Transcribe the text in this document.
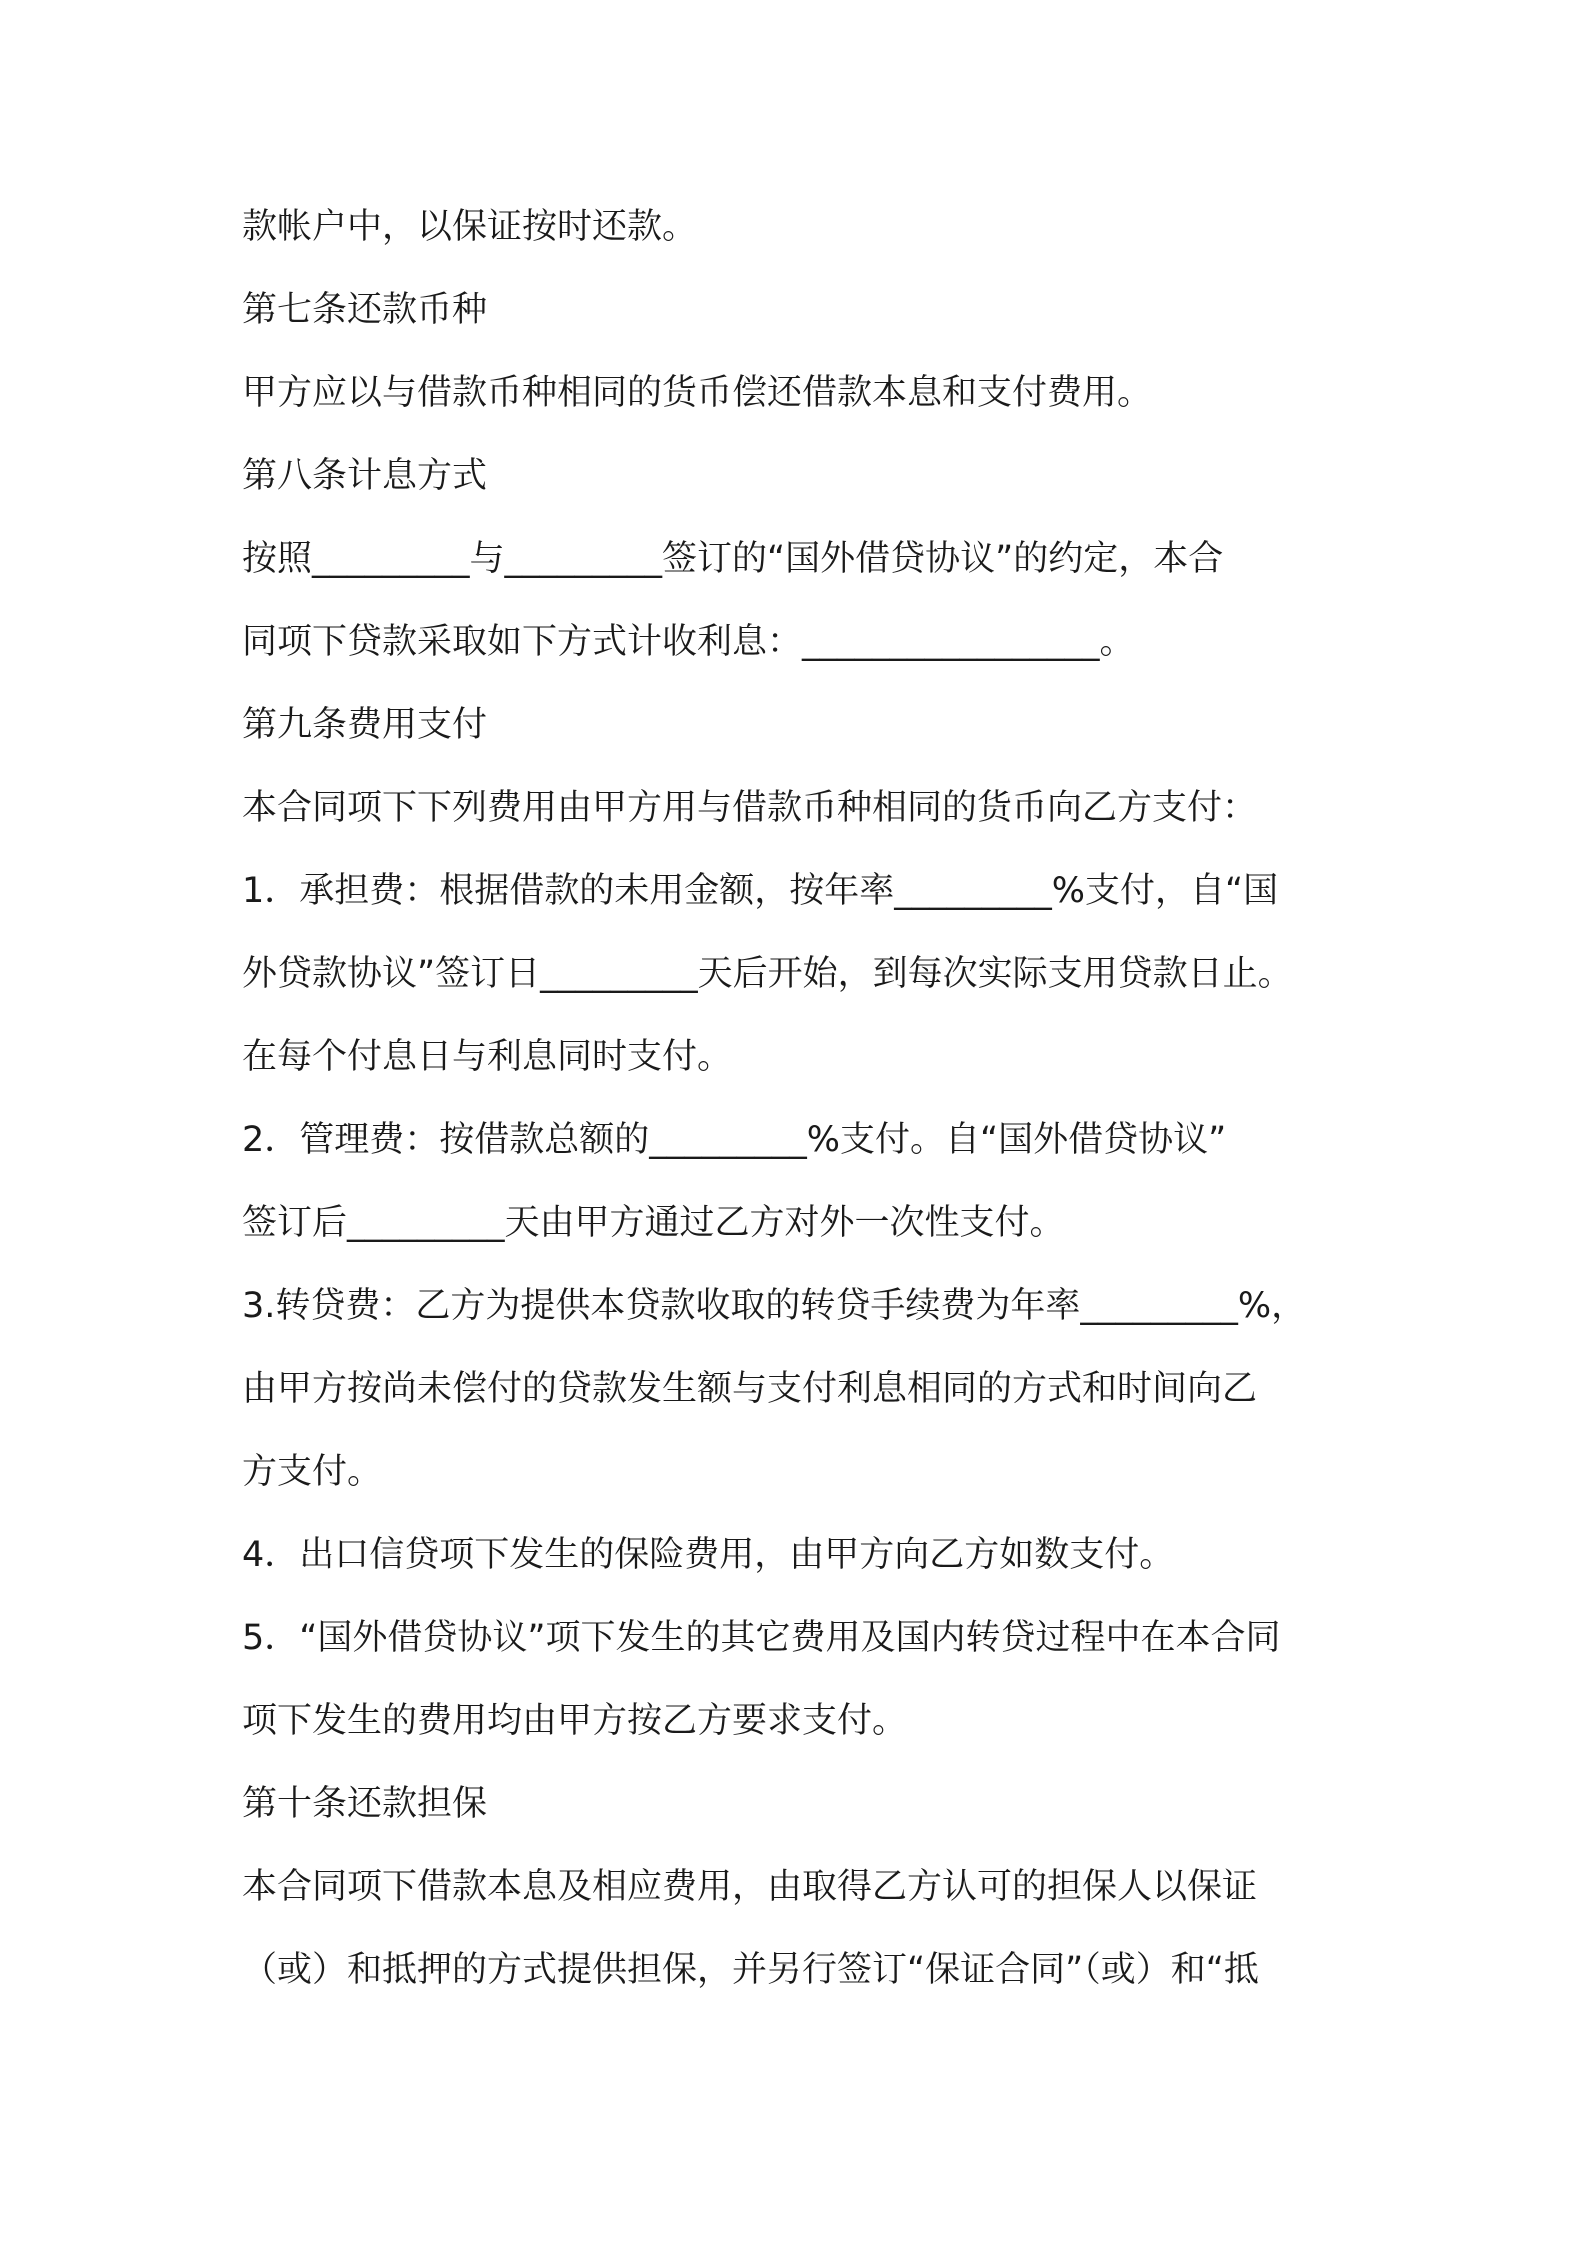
款帐户中，以保证按时还款。
第七条还款币种
甲方应以与借款币种相同的货币偿还借款本息和支付费用。
第八条计息方式
按照_________与_________签订的“国外借贷协议”的约定，本合
同项下贷款采取如下方式计收利息：_________________。
第九条费用支付
本合同项下下列费用由甲方用与借款币种相同的货币向乙方支付：
1．承担费：根据借款的未用金额，按年率_________%支付，自“国
外贷款协议”签订日_________天后开始，到每次实际支用贷款日止。
在每个付息日与利息同时支付。
2．管理费：按借款总额的_________%支付。自“国外借贷协议”
签订后_________天由甲方通过乙方对外一次性支付。
3.转贷费：乙方为提供本贷款收取的转贷手续费为年率_________%，
由甲方按尚未偿付的贷款发生额与支付利息相同的方式和时间向乙
方支付。
4．出口信贷项下发生的保险费用，由甲方向乙方如数支付。
5．“国外借贷协议”项下发生的其它费用及国内转贷过程中在本合同
项下发生的费用均由甲方按乙方要求支付。
第十条还款担保
本合同项下借款本息及相应费用，由取得乙方认可的担保人以保证
（或）和抵押的方式提供担保，并另行签订“保证合同”（或）和“抵
